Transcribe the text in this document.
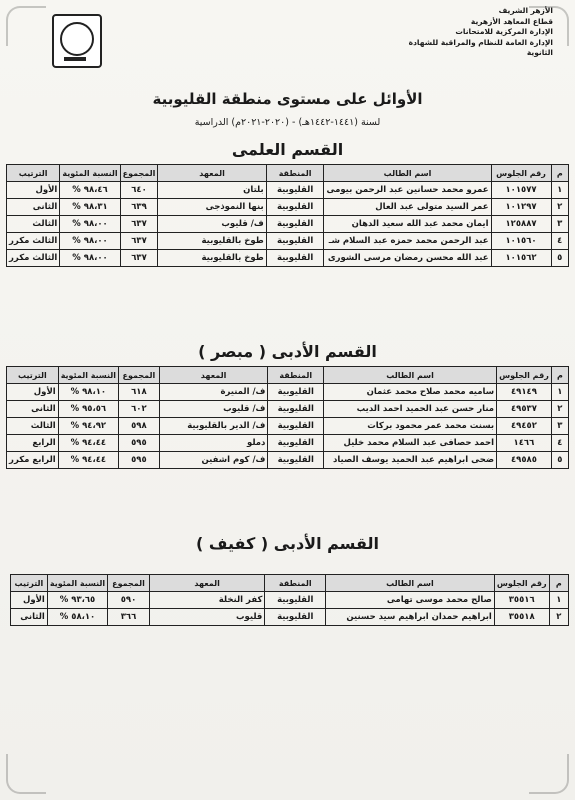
الأزهر الشريف
قطاع المعاهد الأزهرية
الإدارة المركزية للامتحانات
الإدارة العامة للنظام والمراقبة للشهادة الثانوية
الأوائل على مستوى منطقة القليوبية
لسنة (١٤٤١-١٤٤٢هـ) - (٢٠٢٠-٢٠٢١م) الدراسية
القسم العلمى
م	رقم الجلوس	اسم الطالب	المنطقة	المعهد	المجموع	النسبة المئوية	الترتيب
١	١٠١٥٧٧	عمرو محمد حسانين عبد الرحمن بيومى	القليوبية	بلتان	٦٤٠	٩٨،٤٦ %	الأول
٢	١٠١٢٩٧	عمر السيد متولى عبد العال	القليوبية	بنها النموذجى	٦٣٩	٩٨،٣١ %	الثانى
٣	١٢٥٨٨٧	ايمان محمد عبد الله سعيد الدهان	القليوبية	ف/ قليوب	٦٣٧	٩٨،٠٠ %	الثالث
٤	١٠١٥٦٠	عبد الرحمن محمد حمزه عبد السلام شـ	القليوبية	طوخ بالقليوبية	٦٣٧	٩٨،٠٠ %	الثالث مكرر
٥	١٠١٥٦٢	عبد الله محسن رمضان مرسى الشورى	القليوبية	طوخ بالقليوبية	٦٣٧	٩٨،٠٠ %	الثالث مكرر
القسم الأدبى ( مبصر )
م	رقم الجلوس	اسم الطالب	المنطقة	المعهد	المجموع	النسبة المئوية	الترتيب
١	٤٩١٤٩	ساميه محمد صلاح محمد عثمان	القليوبية	ف/ المنيرة	٦١٨	٩٨،١٠ %	الأول
٢	٤٩٥٣٧	منار حسن عبد الحميد احمد الديب	القليوبية	ف/ قليوب	٦٠٢	٩٥،٥٦ %	الثانى
٣	٤٩٤٥٢	بسنت محمد عمر محمود بركات	القليوبية	ف/ الدير بالقليوبية	٥٩٨	٩٤،٩٢ %	الثالث
٤	١٤٦٦	احمد حصافى عبد السلام محمد خليل	القليوبية	دملو	٥٩٥	٩٤،٤٤ %	الرابع
٥	٤٩٥٨٥	ضحى ابراهيم عبد الحميد يوسف الصياد	القليوبية	ف/ كوم اشفين	٥٩٥	٩٤،٤٤ %	الرابع مكرر
القسم الأدبى ( كفيف )
م	رقم الجلوس	اسم الطالب	المنطقة	المعهد	المجموع	النسبة المئوية	الترتيب
١	٣٥٥١٦	صالح محمد موسى تهامى	القليوبية	كفر النخلة	٥٩٠	٩٣،٦٥ %	الأول
٢	٣٥٥١٨	ابراهيم حمدان ابراهيم سيد حسنين	القليوبية	قليوب	٣٦٦	٥٨،١٠ %	الثانى
